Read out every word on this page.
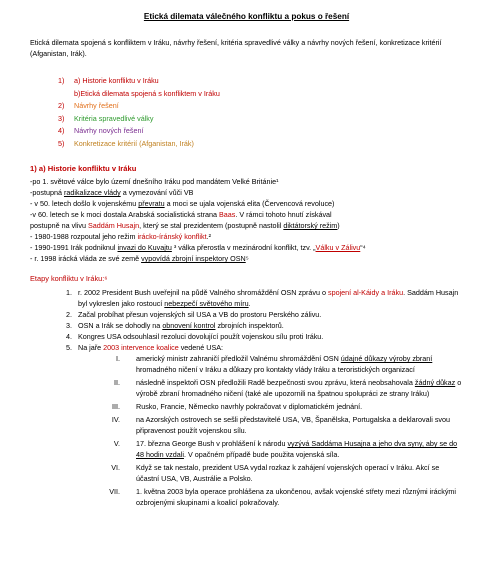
Etická dilemata válečného konfliktu a pokus o řešení
Etická dilemata spojená s konfliktem v Iráku, návrhy řešení, kritéria spravedlivé války a návrhy nových řešení, konkretizace kritérií (Afganistan, Irák).
1)	a) Historie konfliktu v Iráku
b)Etická dilemata spojená s konfliktem v Iráku
2)	Návrhy řešení
3)	Kritéria spravedlivé války
4)	Návrhy nových řešení
5)	Konkretizace kritérií (Afganistan, Irák)
1) a) Historie konfliktu v Iráku
-po 1. světové válce bylo území dnešního Iráku pod mandátem Velké Británie¹
-postupná radikalizace vlády a vymezování vůči VB
- v 50. letech došlo k vojenskému převratu a moci se ujala vojenská elita (Červencová revoluce)
-v 60. letech se k moci dostala Arabská socialistická strana Baas. V rámci tohoto hnutí získával
postupně na vlivu Saddám Husajn, který se stal prezidentem (postupně nastolil diktátorský režim)
- 1980-1988 rozpoutal jeho režim irácko-íránský konflikt.²
- 1990-1991 Irák podniknul invazi do Kuvajtu ³ válka přerostla v mezinárodní konflikt, tzv. „Válku v Zálivu“⁴
- r. 1998 irácká vláda ze své země vypovídá zbrojní inspektory OSN⁵
Etapy konfliktu v Iráku:⁶
1. r. 2002 President Bush uveřejnil na půdě Valného shromáždění OSN zprávu o spojení al-Káidy a Iráku. Saddám Husajn byl vykreslen jako rostoucí nebezpečí světového míru.
2. Začal probíhat přesun vojenských sil USA a VB do prostoru Perského zálivu.
3. OSN a Irák se dohodly na obnovení kontrol zbrojních inspektorů.
4. Kongres USA odsouhlasil rezoluci dovolující použít vojenskou sílu proti Iráku.
5. Na jaře 2003 intervence koalice vedené USA:
I. americký ministr zahraničí předložil Valnému shromáždění OSN údajné důkazy výroby zbraní hromadného ničení v Iráku a důkazy pro kontakty vlády Iráku a teroristických organizací
II. následně inspektoři OSN předložili Radě bezpečnosti svou zprávu, která neobsahovala žádný důkaz o výrobě zbraní hromadného ničení (také ale upozornili na špatnou spolupráci ze strany Iráku)
III. Rusko, Francie, Německo navrhly pokračovat v diplomatickém jednání.
IV. na Azorských ostrovech se sešli představitelé USA, VB, Španělska, Portugalska a deklarovali svou připravenost použít vojenskou sílu.
V. 17. března George Bush v prohlášení k národu vyzývá Saddáma Husajna a jeho dva syny, aby se do 48 hodin vzdali. V opačném případě bude použita vojenská síla.
VI. Když se tak nestalo, prezident USA vydal rozkaz k zahájení vojenských operací v Iráku. Akcí se účastní USA, VB, Austrálie a Polsko.
VII. 1. května 2003 byla operace prohlášena za ukončenou, avšak vojenské střety mezi různými iráckými ozbrojenými skupinami a koalicí pokračovaly.
